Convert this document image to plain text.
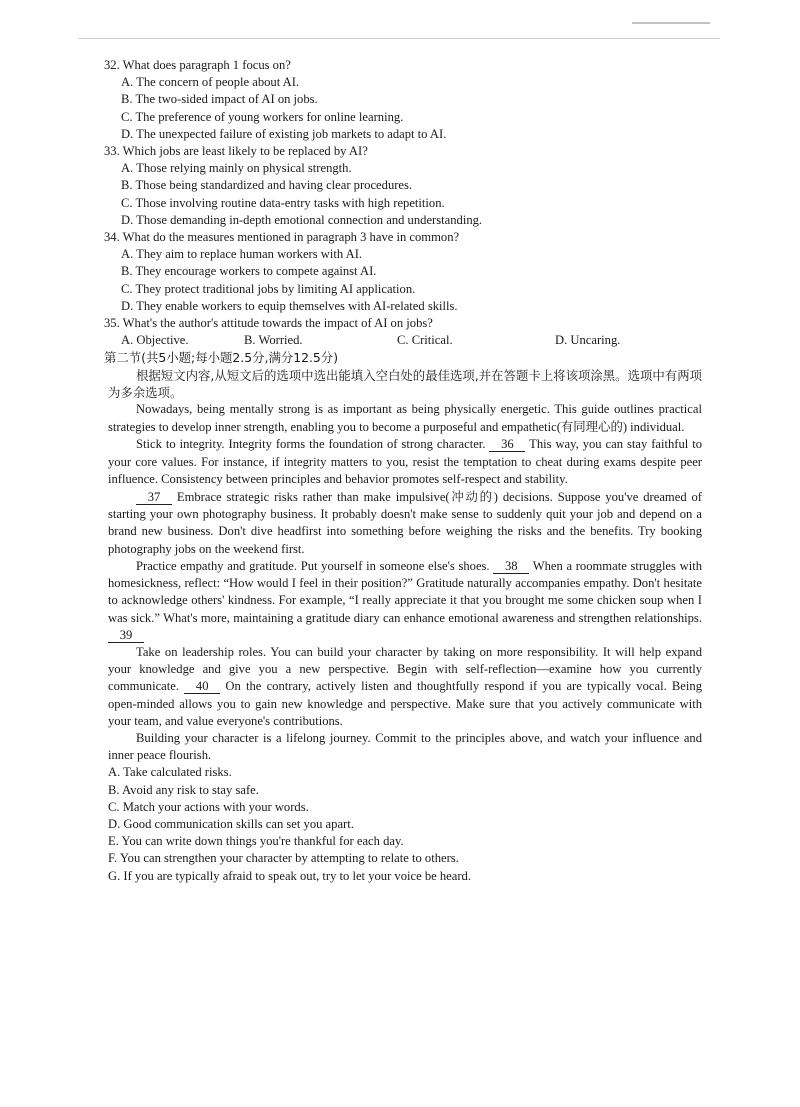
32. What does paragraph 1 focus on?
A. The concern of people about AI.
B. The two-sided impact of AI on jobs.
C. The preference of young workers for online learning.
D. The unexpected failure of existing job markets to adapt to AI.
33. Which jobs are least likely to be replaced by AI?
A. Those relying mainly on physical strength.
B. Those being standardized and having clear procedures.
C. Those involving routine data-entry tasks with high repetition.
D. Those demanding in-depth emotional connection and understanding.
34. What do the measures mentioned in paragraph 3 have in common?
A. They aim to replace human workers with AI.
B. They encourage workers to compete against AI.
C. They protect traditional jobs by limiting AI application.
D. They enable workers to equip themselves with AI-related skills.
35. What's the author's attitude towards the impact of AI on jobs?
A. Objective.	B. Worried.	C. Critical.	D. Uncaring.
第二节(共5小题;每小题2.5分,满分12.5分)
根据短文内容,从短文后的选项中选出能填入空白处的最佳选项,并在答题卡上将该项涂黑。选项中有两项为多余选项。
Nowadays, being mentally strong is as important as being physically energetic. This guide outlines practical strategies to develop inner strength, enabling you to become a purposeful and empathetic(有同理心的) individual.
Stick to integrity. Integrity forms the foundation of strong character. 36 This way, you can stay faithful to your core values. For instance, if integrity matters to you, resist the temptation to cheat during exams despite peer influence. Consistency between principles and behavior promotes self-respect and stability.
37 Embrace strategic risks rather than make impulsive(冲动的) decisions. Suppose you've dreamed of starting your own photography business. It probably doesn't make sense to suddenly quit your job and depend on a brand new business. Don't dive headfirst into something before weighing the risks and the benefits. Try booking photography jobs on the weekend first.
Practice empathy and gratitude. Put yourself in someone else's shoes. 38 When a roommate struggles with homesickness, reflect: “How would I feel in their position?” Gratitude naturally accompanies empathy. Don't hesitate to acknowledge others' kindness. For example, “I really appreciate it that you brought me some chicken soup when I was sick.” What's more, maintaining a gratitude diary can enhance emotional awareness and strengthen relationships. 39
Take on leadership roles. You can build your character by taking on more responsibility. It will help expand your knowledge and give you a new perspective. Begin with self-reflection—examine how you currently communicate. 40 On the contrary, actively listen and thoughtfully respond if you are typically vocal. Being open-minded allows you to gain new knowledge and perspective. Make sure that you actively communicate with your team, and value everyone's contributions.
Building your character is a lifelong journey. Commit to the principles above, and watch your influence and inner peace flourish.
A. Take calculated risks.
B. Avoid any risk to stay safe.
C. Match your actions with your words.
D. Good communication skills can set you apart.
E. You can write down things you're thankful for each day.
F. You can strengthen your character by attempting to relate to others.
G. If you are typically afraid to speak out, try to let your voice be heard.
